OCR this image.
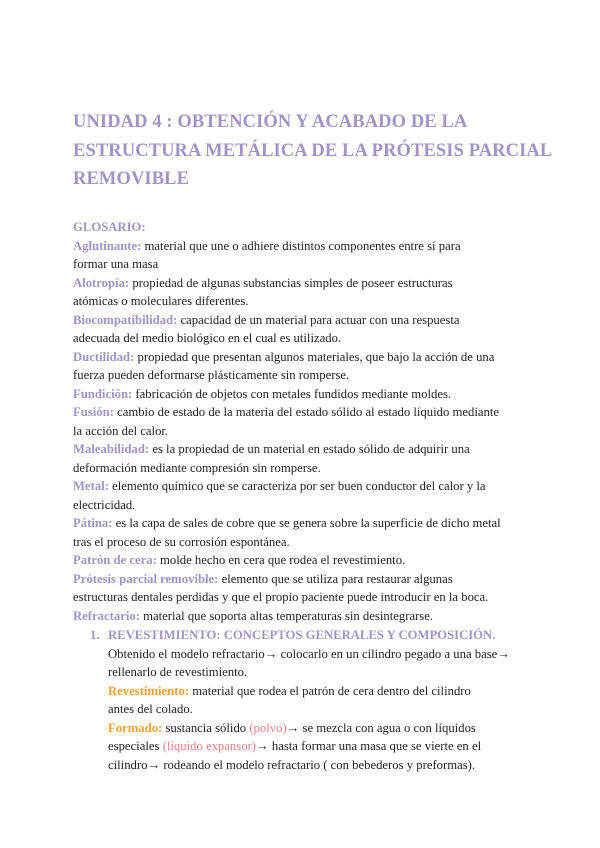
UNIDAD 4 : OBTENCIÓN Y ACABADO DE LA
ESTRUCTURA METÁLICA DE LA PRÓTESIS PARCIAL
REMOVIBLE
GLOSARIO:
Aglutinante: material que une o adhiere distintos componentes entre sí para
formar una masa
Alotropía: propiedad de algunas substancias simples de poseer estructuras
atómicas o moleculares diferentes.
Biocompatibilidad: capacidad de un material para actuar con una respuesta
adecuada del medio biológico en el cual es utilizado.
Ductilidad: propiedad que presentan algunos materiales, que bajo la acción de una
fuerza pueden deformarse plásticamente sin romperse.
Fundición: fabricación de objetos con metales fundidos mediante moldes.
Fusión: cambio de estado de la materia del estado sólido al estado líquido mediante
la acción del calor.
Maleabilidad: es la propiedad de un material en estado sólido de adquirir una
deformación mediante compresión sin romperse.
Metal: elemento químico que se caracteriza por ser buen conductor del calor y la
electricidad.
Pátina: es la capa de sales de cobre que se genera sobre la superficie de dicho metal
tras el proceso de su corrosión espontánea.
Patrón de cera: molde hecho en cera que rodea el revestimiento.
Prótesis parcial removible: elemento que se utiliza para restaurar algunas
estructuras dentales perdidas y que el propio paciente puede introducir en la boca.
Refractario: material que soporta altas temperaturas sin desintegrarse.
1. REVESTIMIENTO: CONCEPTOS GENERALES Y COMPOSICIÓN.
Obtenido el modelo refractario→ colocarlo en un cilindro pegado a una base→
rellenarlo de revestimiento.
Revestimiento: material que rodea el patrón de cera dentro del cilindro
antes del colado.
Formado: sustancia sólido (polvo)→ se mezcla con agua o con líquidos
especiales (líquido expansor)→ hasta formar una masa que se vierte en el
cilindro→ rodeando el modelo refractario ( con bebederos y preformas).
